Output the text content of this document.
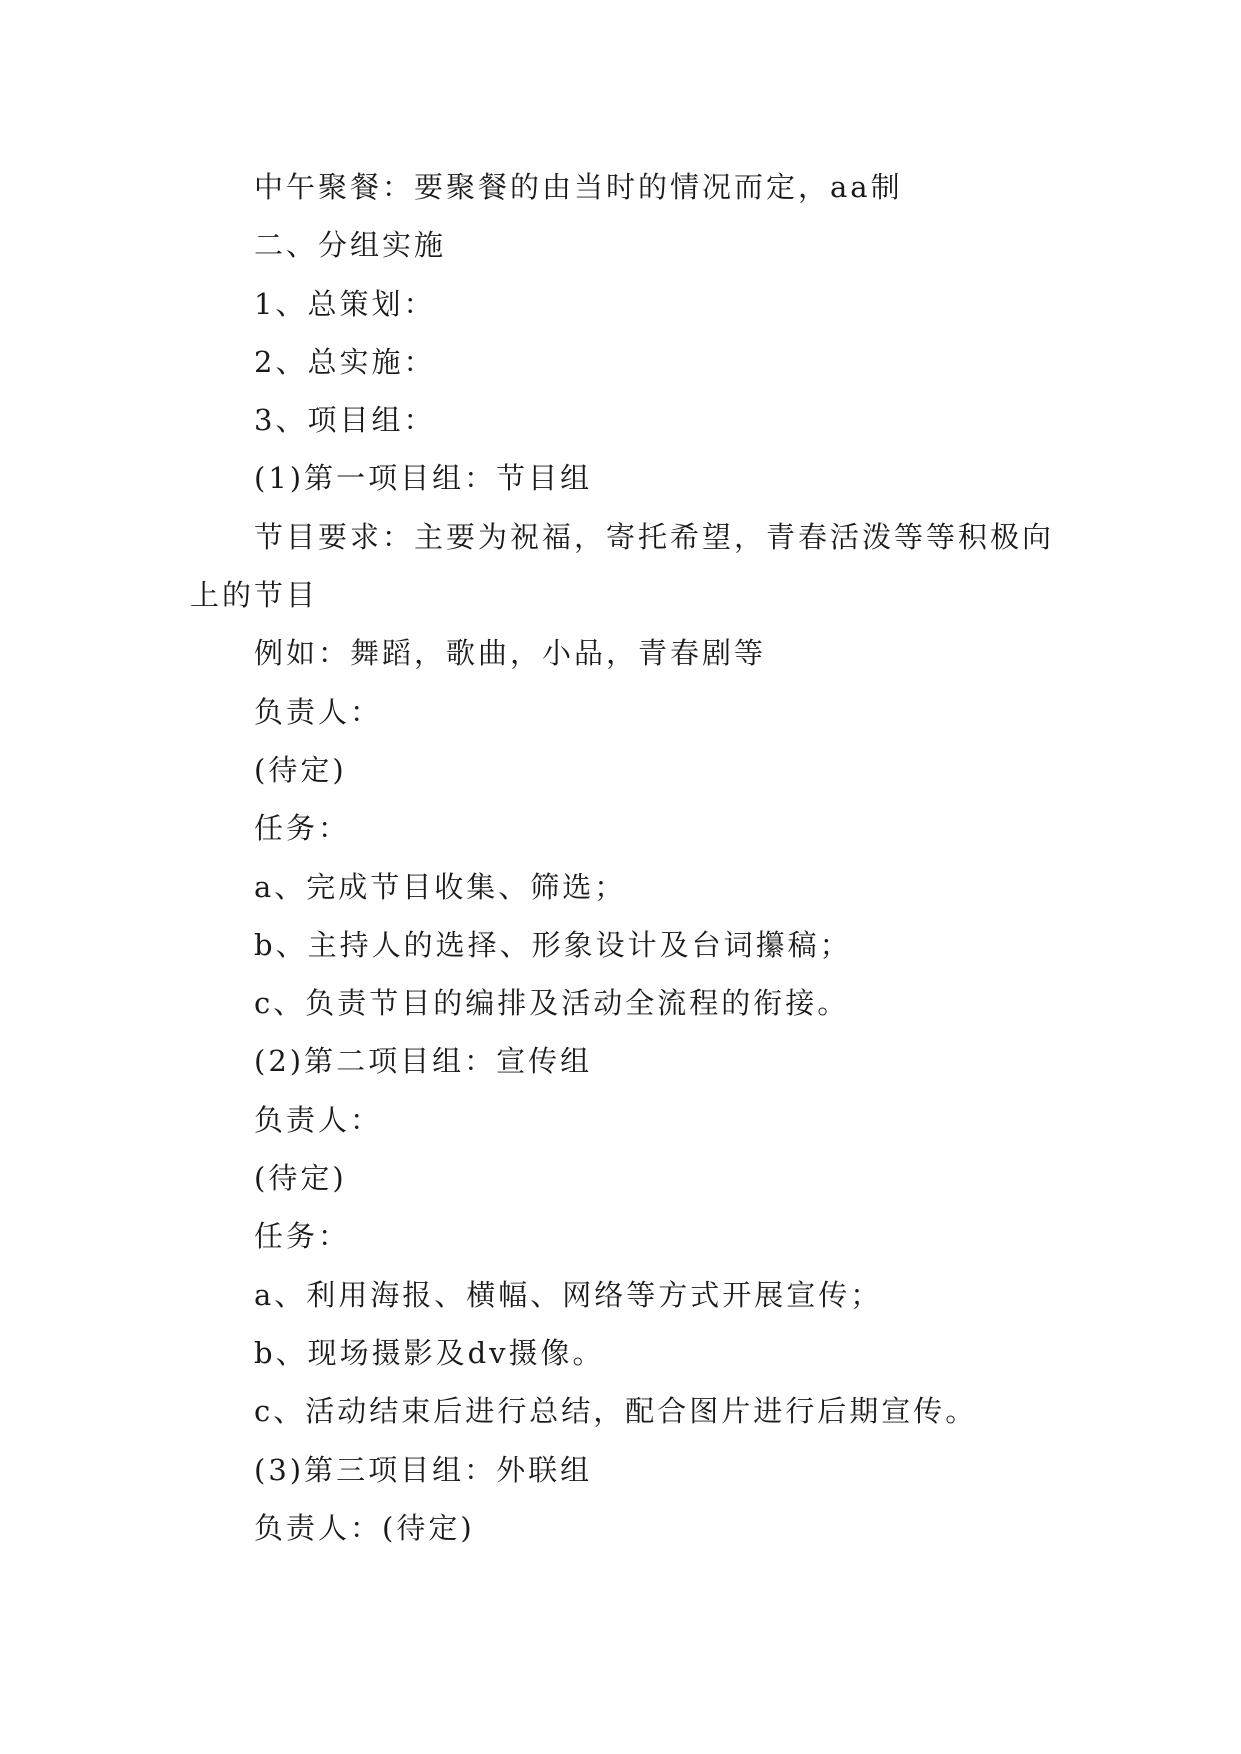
中午聚餐：要聚餐的由当时的情况而定，aa制

二、分组实施

1、总策划：

2、总实施：

3、项目组：

(1)第一项目组：节目组

节目要求：主要为祝福，寄托希望，青春活泼等等积极向上的节目

例如：舞蹈，歌曲，小品，青春剧等

负责人：

(待定)

任务：

a、完成节目收集、筛选；

b、主持人的选择、形象设计及台词攥稿；

c、负责节目的编排及活动全流程的衔接。

(2)第二项目组：宣传组

负责人：

(待定)

任务：

a、利用海报、横幅、网络等方式开展宣传；

b、现场摄影及dv摄像。

c、活动结束后进行总结，配合图片进行后期宣传。

(3)第三项目组：外联组

负责人：(待定)
